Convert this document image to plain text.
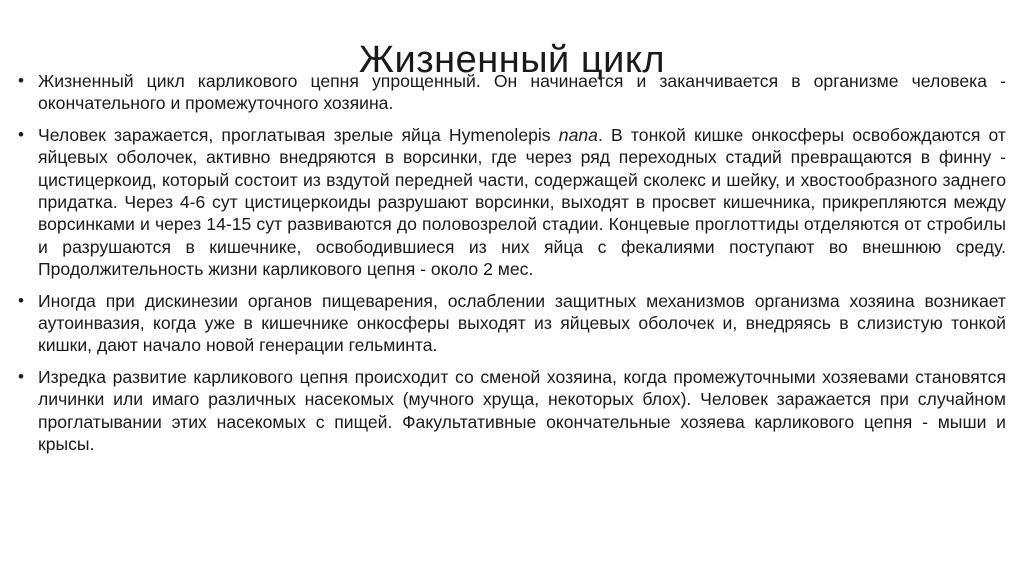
Жизненный цикл
• Жизненный цикл карликового цепня упрощенный. Он начинается и заканчивается в организме человека - окончательного и промежуточного хозяина.
• Человек заражается, проглатывая зрелые яйца Hymenolepis nana. В тонкой кишке онкосферы освобождаются от яйцевых оболочек, активно внедряются в ворсинки, где через ряд переходных стадий превращаются в финну - цистицеркоид, который состоит из вздутой передней части, содержащей сколекс и шейку, и хвостообразного заднего придатка. Через 4-6 сут цистицеркоиды разрушают ворсинки, выходят в просвет кишечника, прикрепляются между ворсинками и через 14-15 сут развиваются до половозрелой стадии. Концевые проглоттиды отделяются от стробилы и разрушаются в кишечнике, освободившиеся из них яйца с фекалиями поступают во внешнюю среду. Продолжительность жизни карликового цепня - около 2 мес.
• Иногда при дискинезии органов пищеварения, ослаблении защитных механизмов организма хозяина возникает аутоинвазия, когда уже в кишечнике онкосферы выходят из яйцевых оболочек и, внедряясь в слизистую тонкой кишки, дают начало новой генерации гельминта.
• Изредка развитие карликового цепня происходит со сменой хозяина, когда промежуточными хозяевами становятся личинки или имаго различных насекомых (мучного хруща, некоторых блох). Человек заражается при случайном проглатывании этих насекомых с пищей. Факультативные окончательные хозяева карликового цепня - мыши и крысы.
